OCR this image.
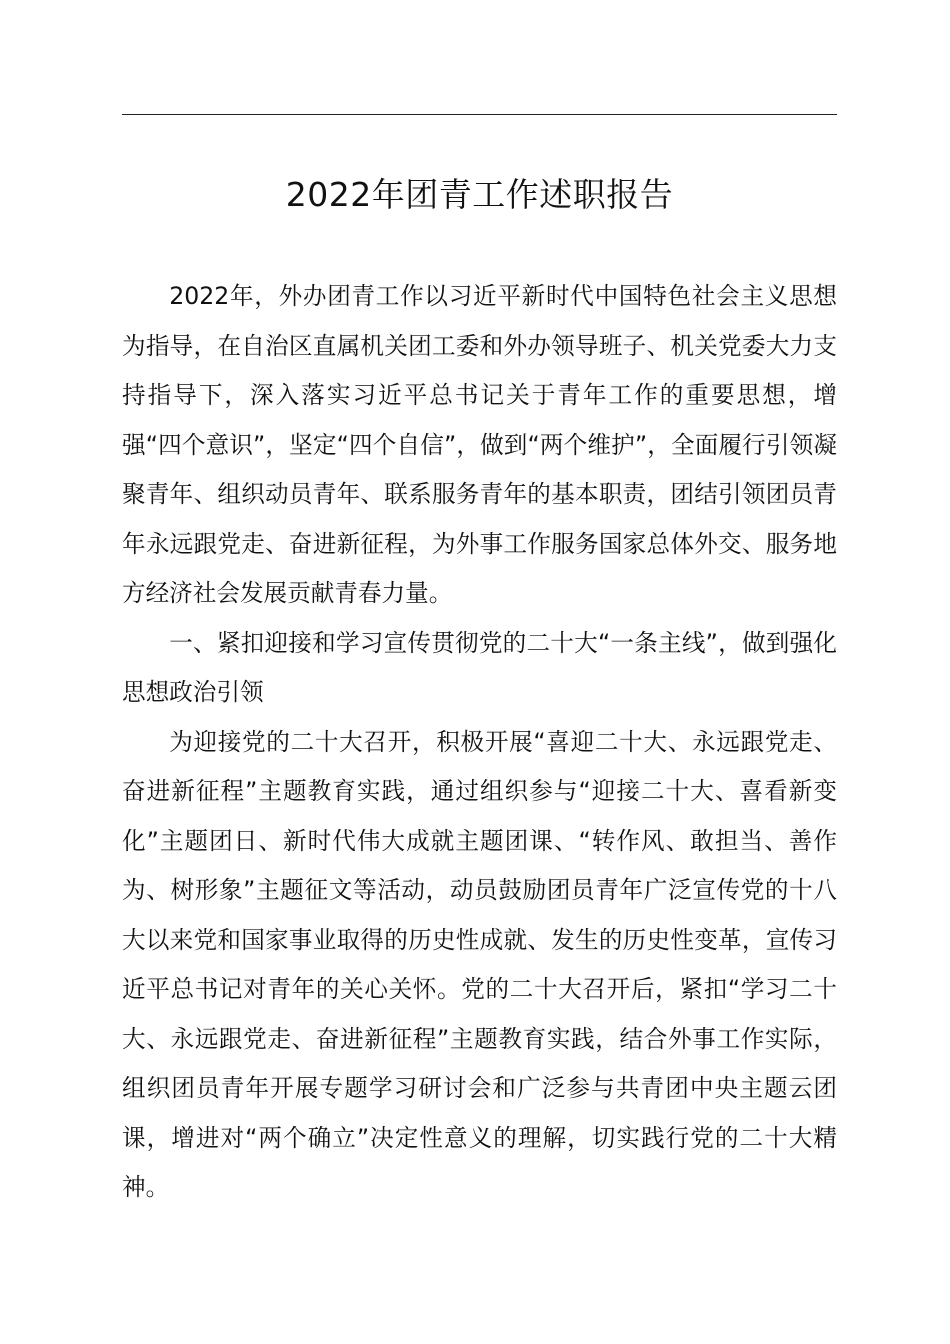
2022年团青工作述职报告

2022年，外办团青工作以习近平新时代中国特色社会主义思想为指导，在自治区直属机关团工委和外办领导班子、机关党委大力支持指导下，深入落实习近平总书记关于青年工作的重要思想，增强“四个意识”，坚定“四个自信”，做到“两个维护”，全面履行引领凝聚青年、组织动员青年、联系服务青年的基本职责，团结引领团员青年永远跟党走、奋进新征程，为外事工作服务国家总体外交、服务地方经济社会发展贡献青春力量。

一、紧扣迎接和学习宣传贯彻党的二十大“一条主线”，做到强化思想政治引领

为迎接党的二十大召开，积极开展“喜迎二十大、永远跟党走、奋进新征程”主题教育实践，通过组织参与“迎接二十大、喜看新变化”主题团日、新时代伟大成就主题团课、“转作风、敢担当、善作为、树形象”主题征文等活动，动员鼓励团员青年广泛宣传党的十八大以来党和国家事业取得的历史性成就、发生的历史性变革，宣传习近平总书记对青年的关心关怀。党的二十大召开后，紧扣“学习二十大、永远跟党走、奋进新征程”主题教育实践，结合外事工作实际，组织团员青年开展专题学习研讨会和广泛参与共青团中央主题云团课，增进对“两个确立”决定性意义的理解，切实践行党的二十大精神。
